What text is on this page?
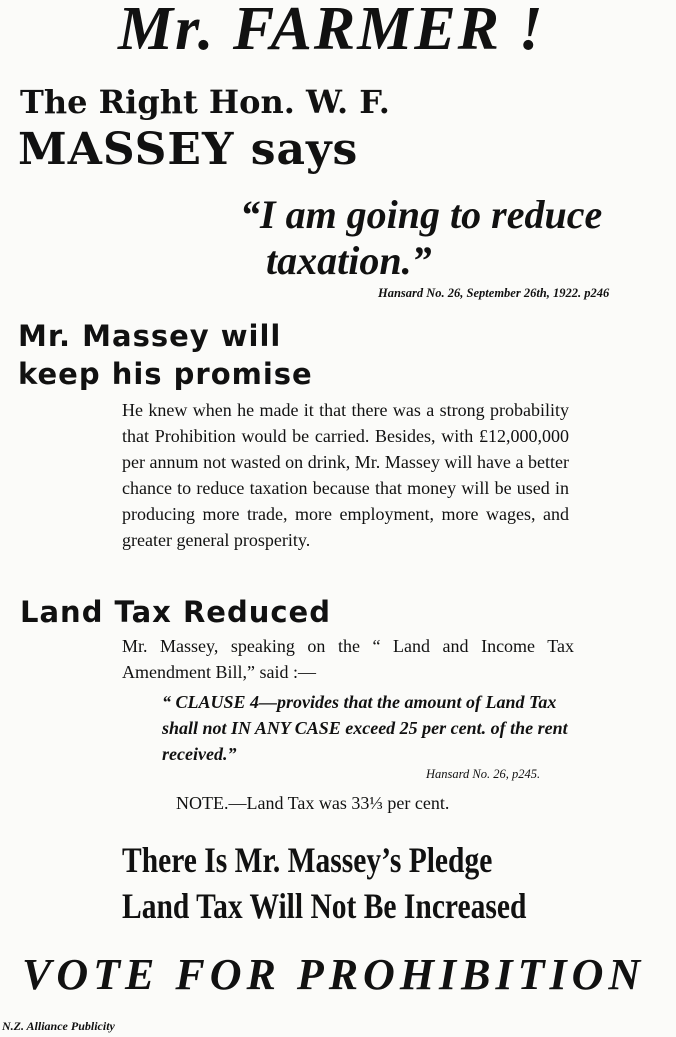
Mr. FARMER !
The Right Hon. W. F.
MASSEY says
“I am going to reduce
taxation.”
Hansard No. 26, September 26th, 1922. p246
Mr. Massey will
keep his promise

He knew when he made it that there was a strong probability that Prohibition would be carried. Besides, with £12,000,000 per annum not wasted on drink, Mr. Massey will have a better chance to reduce taxation because that money will be used in producing more trade, more employment, more wages, and greater general prosperity.

Land Tax Reduced

Mr. Massey, speaking on the “ Land and Income Tax Amendment Bill,” said :—

“ CLAUSE 4—provides that the amount of Land Tax shall not IN ANY CASE exceed 25 per cent. of the rent received.”

Hansard No. 26, p245.
NOTE.—Land Tax was 33⅓ per cent.
There Is Mr. Massey’s Pledge
Land Tax Will Not Be Increased
VOTE FOR PROHIBITION
N.Z. Alliance Publicity
